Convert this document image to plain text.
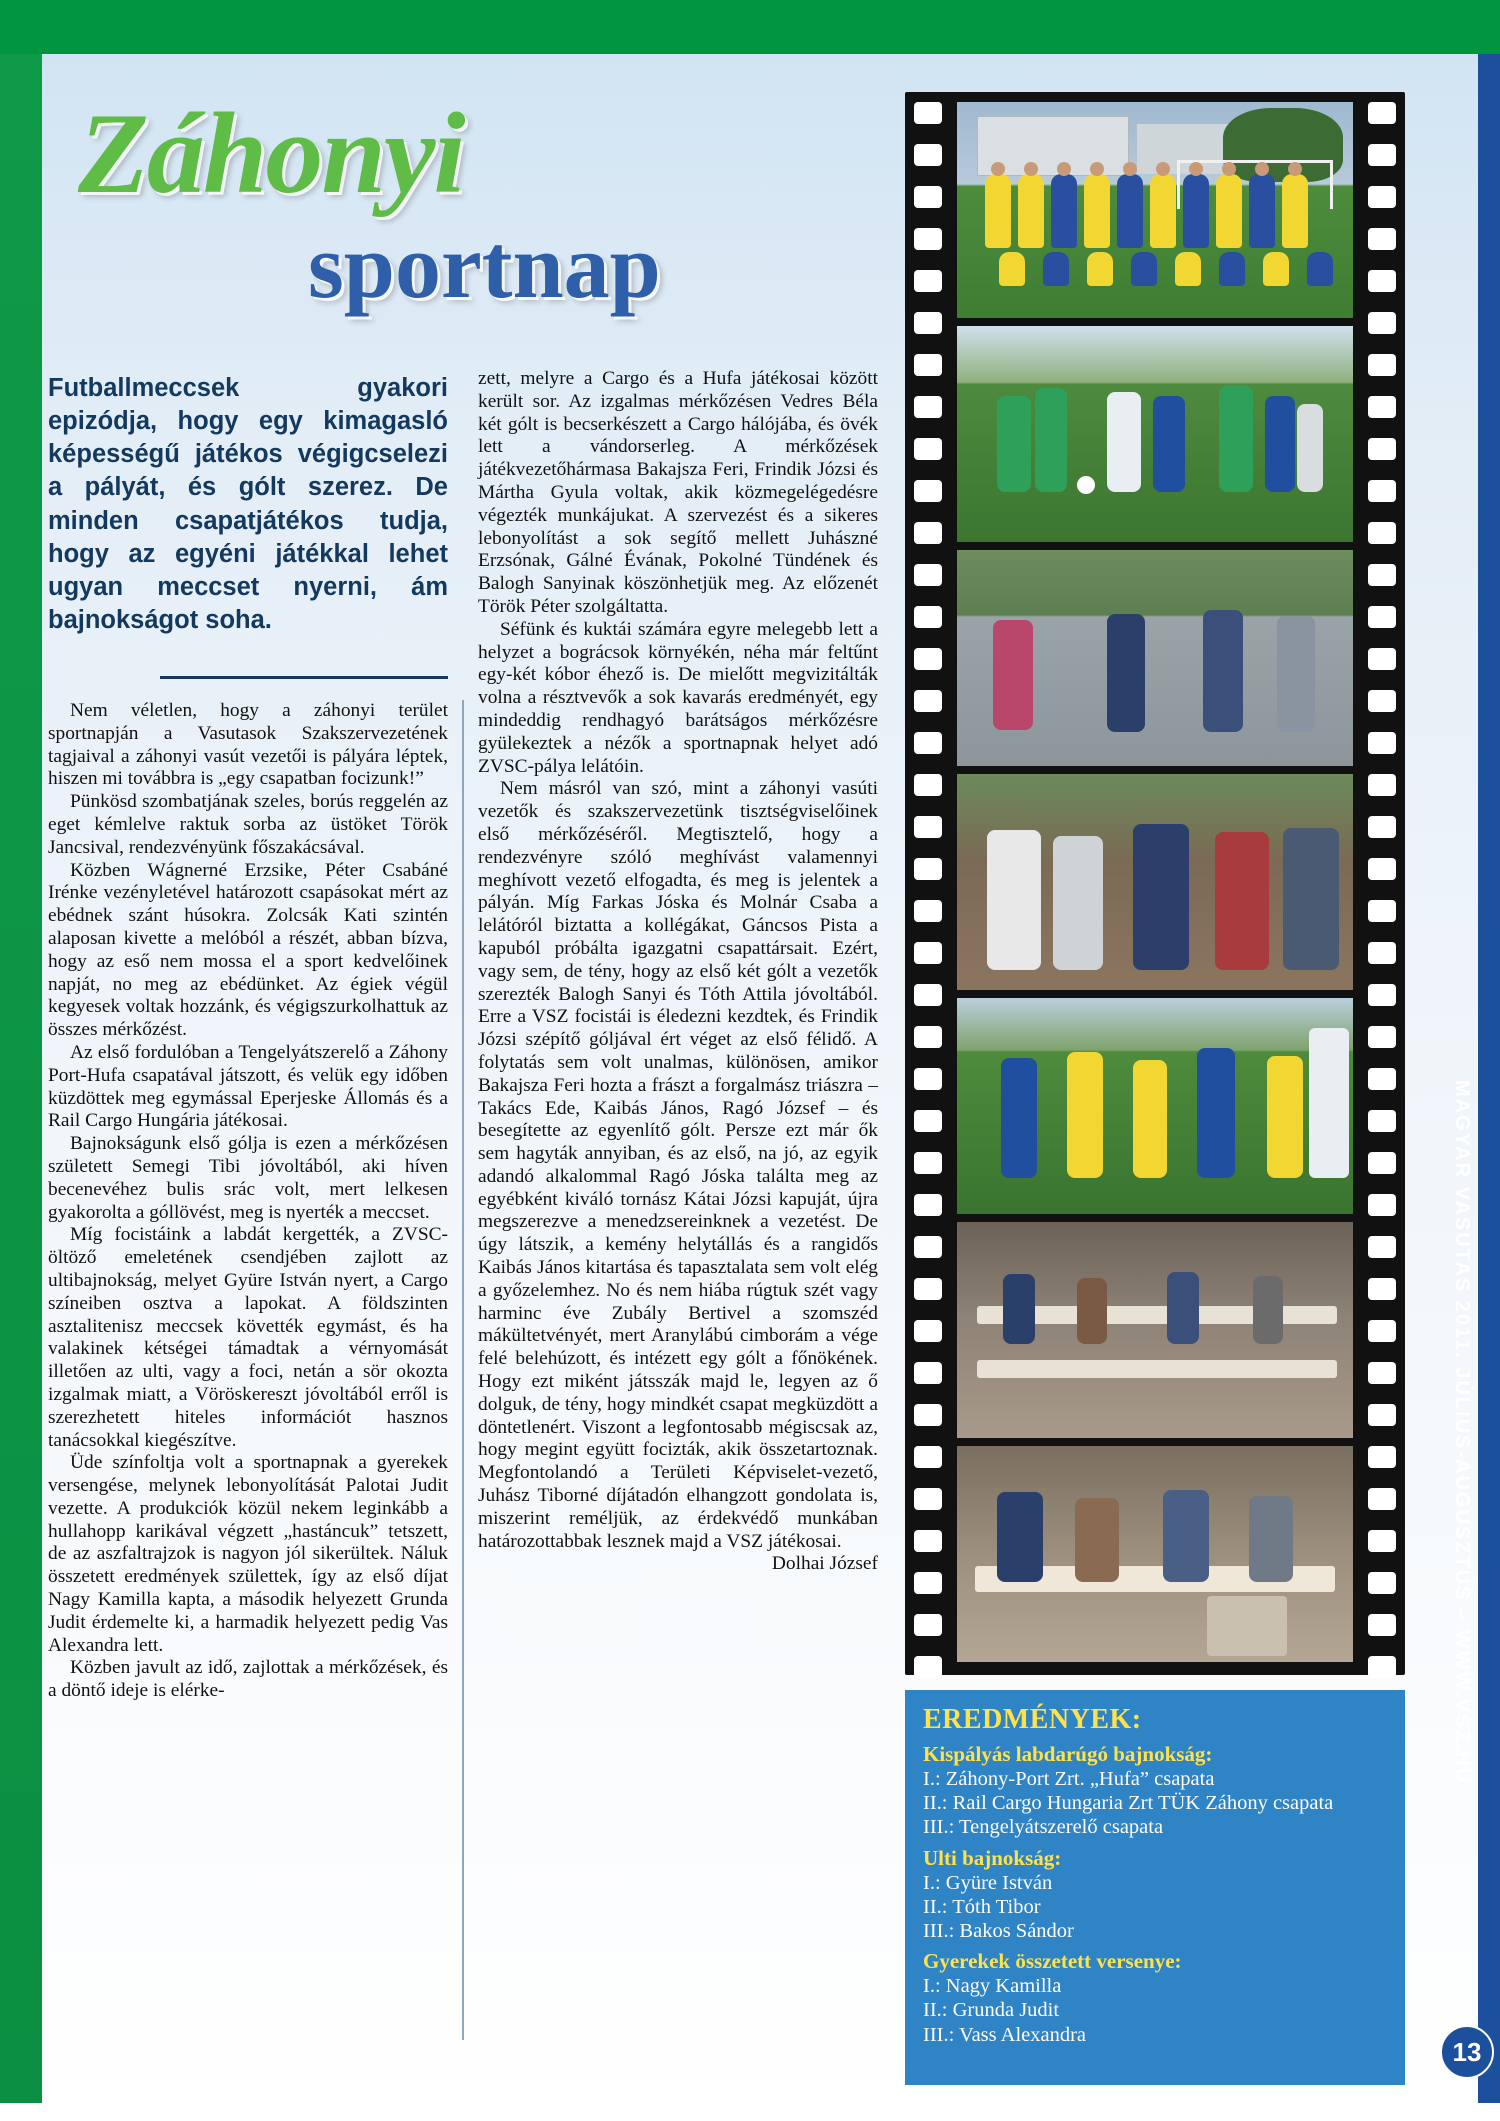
Záhonyi
sportnap
Futballmeccsek gyakori epizódja, hogy egy kimagasló képességű játékos végigcselezi a pályát, és gólt szerez. De minden csapatjátékos tudja, hogy az egyéni játékkal lehet ugyan meccset nyerni, ám bajnokságot soha.

Nem véletlen, hogy a záhonyi terület sportnapján a Vasutasok Szakszervezetének tagjaival a záhonyi vasút vezetői is pályára léptek, hiszen mi továbbra is „egy csapatban focizunk!”

Pünkösd szombatjának szeles, borús reggelén az eget kémlelve raktuk sorba az üstöket Török Jancsival, rendezvényünk főszakácsával.

Közben Wágnerné Erzsike, Péter Csabáné Irénke vezényletével határozott csapásokat mért az ebédnek szánt húsokra. Zolcsák Kati szintén alaposan kivette a melóból a részét, abban bízva, hogy az eső nem mossa el a sport kedvelőinek napját, no meg az ebédünket. Az égiek végül kegyesek voltak hozzánk, és végigszurkolhattuk az összes mérkőzést.

Az első fordulóban a Tengelyátszerelő a Záhony Port-Hufa csapatával játszott, és velük egy időben küzdöttek meg egymással Eperjeske Állomás és a Rail Cargo Hungária játékosai.

Bajnokságunk első gólja is ezen a mérkőzésen született Semegi Tibi jóvoltából, aki híven becenevéhez bulis srác volt, mert lelkesen gyakorolta a góllövést, meg is nyerték a meccset.

Míg focistáink a labdát kergették, a ZVSC-öltöző emeletének csendjében zajlott az ultibajnokság, melyet Gyüre István nyert, a Cargo színeiben osztva a lapokat. A földszinten asztalitenisz meccsek követték egymást, és ha valakinek kétségei támadtak a vérnyomását illetően az ulti, vagy a foci, netán a sör okozta izgalmak miatt, a Vöröskereszt jóvoltából erről is szerezhetett hiteles információt hasznos tanácsokkal kiegészítve.

Üde színfoltja volt a sportnapnak a gyerekek versengése, melynek lebonyolítását Palotai Judit vezette. A produkciók közül nekem leginkább a hullahopp karikával végzett „hastáncuk” tetszett, de az aszfaltrajzok is nagyon jól sikerültek. Náluk összetett eredmények születtek, így az első díjat Nagy Kamilla kapta, a második helyezett Grunda Judit érdemelte ki, a harmadik helyezett pedig Vas Alexandra lett.

Közben javult az idő, zajlottak a mérkőzések, és a döntő ideje is elérke-

zett, melyre a Cargo és a Hufa játékosai között került sor. Az izgalmas mérkőzésen Vedres Béla két gólt is becserkészett a Cargo hálójába, és övék lett a vándorserleg. A mérkőzések játékvezetőhármasa Bakajsza Feri, Frindik Józsi és Mártha Gyula voltak, akik közmegelégedésre végezték munkájukat. A szervezést és a sikeres lebonyolítást a sok segítő mellett Juhászné Erzsónak, Gálné Évának, Pokolné Tündének és Balogh Sanyinak köszönhetjük meg. Az előzenét Török Péter szolgáltatta.

Séfünk és kuktái számára egyre melegebb lett a helyzet a bográcsok környékén, néha már feltűnt egy-két kóbor éhező is. De mielőtt megvizitálták volna a résztvevők a sok kavarás eredményét, egy mindeddig rendhagyó barátságos mérkőzésre gyülekeztek a nézők a sportnapnak helyet adó ZVSC-pálya lelátóin.

Nem másról van szó, mint a záhonyi vasúti vezetők és szakszervezetünk tisztségviselőinek első mérkőzéséről. Megtisztelő, hogy a rendezvényre szóló meghívást valamennyi meghívott vezető elfogadta, és meg is jelentek a pályán. Míg Farkas Jóska és Molnár Csaba a lelátóról biztatta a kollégákat, Gáncsos Pista a kapuból próbálta igazgatni csapattársait. Ezért, vagy sem, de tény, hogy az első két gólt a vezetők szerezték Balogh Sanyi és Tóth Attila jóvoltából. Erre a VSZ focistái is éledezni kezdtek, és Frindik Józsi szépítő góljával ért véget az első félidő. A folytatás sem volt unalmas, különösen, amikor Bakajsza Feri hozta a frászt a forgalmász triászra – Takács Ede, Kaibás János, Ragó József – és besegítette az egyenlítő gólt. Persze ezt már ők sem hagyták annyiban, és az első, na jó, az egyik adandó alkalommal Ragó Jóska találta meg az egyébként kiváló tornász Kátai Józsi kapuját, újra megszerezve a menedzsereinknek a vezetést. De úgy látszik, a kemény helytállás és a rangidős Kaibás János kitartása és tapasztalata sem volt elég a győzelemhez. No és nem hiába rúgtuk szét vagy harminc éve Zubály Bertivel a szomszéd mákültetvényét, mert Aranylábú cimborám a vége felé belehúzott, és intézett egy gólt a főnökének. Hogy ezt miként játsszák majd le, legyen az ő dolguk, de tény, hogy mindkét csapat megküzdött a döntetlenért. Viszont a legfontosabb mégiscsak az, hogy megint együtt focizták, akik összetartoznak. Megfontolandó a Területi Képviselet-vezető, Juhász Tiborné díjátadón elhangzott gondolata is, miszerint reméljük, az érdekvédő munkában határozottabbak lesznek majd a VSZ játékosai.

Dolhai József

EREDMÉNYEK:
Kispályás labdarúgó bajnokság:
I.: Záhony-Port Zrt. „Hufa” csapata
II.: Rail Cargo Hungaria Zrt TÜK Záhony csapata
III.: Tengelyátszerelő csapata
Ulti bajnokság:
I.: Gyüre István
II.: Tóth Tibor
III.: Bakos Sándor
Gyerekek összetett versenye:
I.: Nagy Kamilla
II.: Grunda Judit
III.: Vass Alexandra
MAGYAR VASUTAS 2011. JÚLIUS-AUGUSZTUS – WWW.VSZ.HU
13
